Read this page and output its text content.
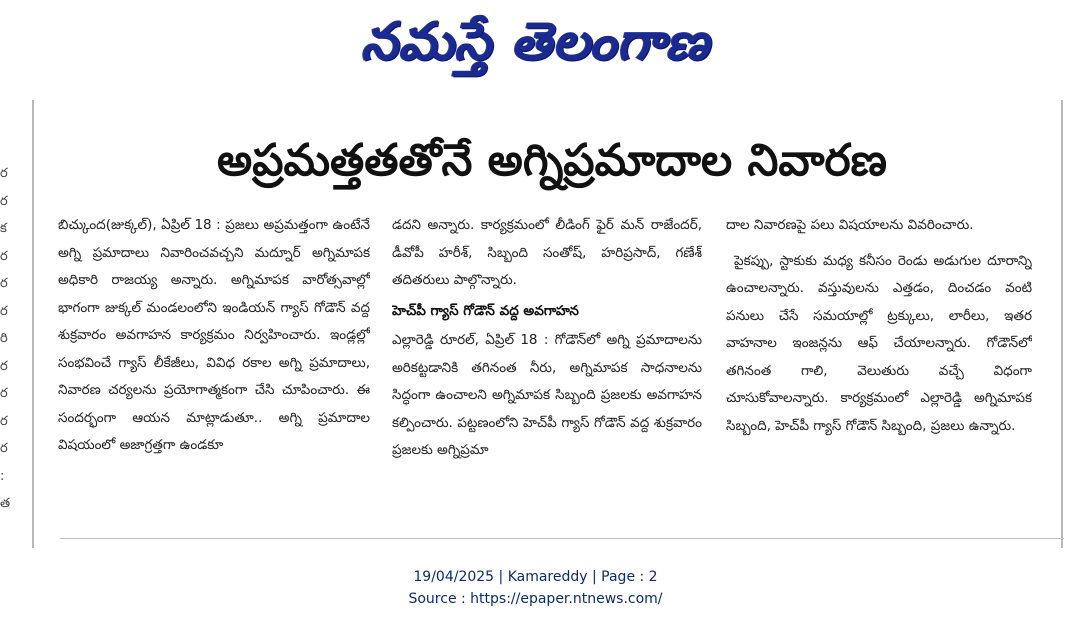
నమస్తే తెలంగాణ
ర
ర
క
ర
ర
ర
రి
ర
ర
ర
ర
:
త
అప్రమత్తతతోనే అగ్నిప్రమాదాల నివారణ

బిచ్కుంద(జుక్కల్), ఏప్రిల్ 18 : ప్రజలు అప్రమత్తంగా ఉంటేనే అగ్ని ప్రమాదాలు నివారించవచ్చని మద్నూర్ అగ్నిమాపక అధికారి రాజయ్య అన్నారు. అగ్నిమాపక వారోత్సవాల్లో భాగంగా జుక్కల్ మండలంలోని ఇండియన్ గ్యాస్ గోడౌన్ వద్ద శుక్రవారం అవగాహన కార్యక్రమం నిర్వహించారు. ఇండ్లల్లో సంభవించే గ్యాస్ లీకేజీలు, వివిధ రకాల అగ్ని ప్రమాదాలు, నివారణ చర్యలను ప్రయోగాత్మకంగా చేసి చూపించారు. ఈ సందర్భంగా ఆయన మాట్లాడుతూ.. అగ్ని ప్రమాదాల విషయంలో అజాగ్రత్తగా ఉండకూ

డదని అన్నారు. కార్యక్రమంలో లీడింగ్ ఫైర్ మన్ రాజేందర్, డీవోపీ హరీశ్, సిబ్బంది సంతోష్, హరిప్రసాద్, గణేశ్ తదితరులు పాల్గొన్నారు.

హెచ్‌పీ గ్యాస్ గోడౌన్ వద్ద అవగాహన

ఎల్లారెడ్డి రూరల్, ఏప్రిల్ 18 : గోడౌన్‌లో అగ్ని ప్రమాదాలను అరికట్టడానికి తగినంత నీరు, అగ్నిమాపక సాధనాలను సిద్ధంగా ఉంచాలని అగ్నిమాపక సిబ్బంది ప్రజలకు అవగాహన కల్పించారు. పట్టణంలోని హెచ్‌పీ గ్యాస్ గోడౌన్ వద్ద శుక్రవారం ప్రజలకు అగ్నిప్రమా

దాల నివారణపై పలు విషయాలను వివరించారు.

పైకప్పు, స్టాకుకు మధ్య కనీసం రెండు అడుగుల దూరాన్ని ఉంచాలన్నారు. వస్తువులను ఎత్తడం, దించడం వంటి పనులు చేసే సమయాల్లో ట్రక్కులు, లారీలు, ఇతర వాహనాల ఇంజన్లను ఆఫ్ చేయాలన్నారు. గోడౌన్‌లో తగినంత గాలి, వెలుతురు వచ్చే విధంగా చూసుకోవాలన్నారు. కార్యక్రమంలో ఎల్లారెడ్డి అగ్నిమాపక సిబ్బంది, హెచ్‌పీ గ్యాస్ గోడౌన్ సిబ్బంది, ప్రజలు ఉన్నారు.

19/04/2025 | Kamareddy | Page : 2
Source : https://epaper.ntnews.com/
